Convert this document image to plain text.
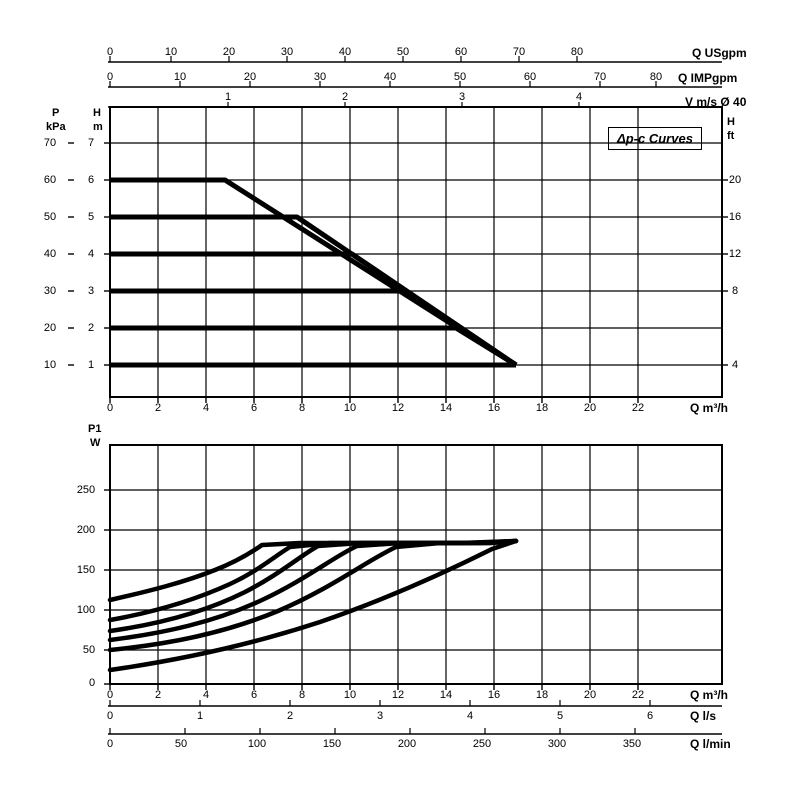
Q USgpm
Q IMPgpm
V m/s Ø 40
0	10	20	30	40	50	60	70	80
0	10	20	30	40	50	60	70	80
1	2	3	4
P
kPa
H
m	H
ft
Δp-c Curves
70
60
50
40
30
20
10
7
6
5
4
3
2
1
20
16
12
8
4
0	2	4	6	8	10	12	14	16	18	20	22	Q m³/h
P1
W
250
200
150
100
50
0
0	2	4	6	8	10	12	14	16	18	20	22	Q m³/h
0	1	2	3	4	5	6	Q l/s
0	50	100	150	200	250	300	350	Q l/min
